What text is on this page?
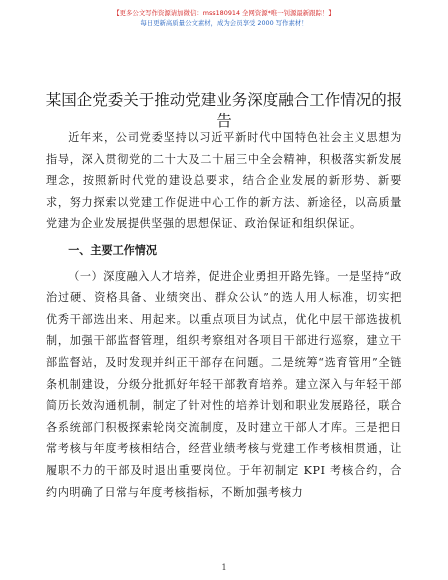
【更多公文写作资源请加微信：mss180914 全网资源*唯一钊源最新跟踪！】
每日更新高质量公文素材，成为会员享受 2000 写作素材！
某国企党委关于推动党建业务深度融合工作情况的报告

近年来，公司党委坚持以习近平新时代中国特色社会主义思想为指导，深入贯彻党的二十大及二十届三中全会精神，积极落实新发展理念，按照新时代党的建设总要求，结合企业发展的新形势、新要求，努力探索以党建工作促进中心工作的新方法、新途径，以高质量党建为企业发展提供坚强的思想保证、政治保证和组织保证。

一、主要工作情况

（一）深度融入人才培养，促进企业勇担开路先锋。一是坚持“政治过硬、资格具备、业绩突出、群众公认”的选人用人标准，切实把优秀干部选出来、用起来。以重点项目为试点，优化中层干部选拔机制，加强干部监督管理，组织考察组对各项目干部进行巡察，建立干部监督站，及时发现并纠正干部存在问题。二是统筹“选育管用”全链条机制建设，分级分批抓好年轻干部教育培养。建立深入与年轻干部简历长效沟通机制，制定了针对性的培养计划和职业发展路径，联合各系统部门积极探索轮岗交流制度，及时建立干部人才库。三是把日常考核与年度考核相结合，经营业绩考核与党建工作考核相贯通，让履职不力的干部及时退出重要岗位。于年初制定 KPI 考核合约，合约内明确了日常与年度考核指标，不断加强考核力

1
